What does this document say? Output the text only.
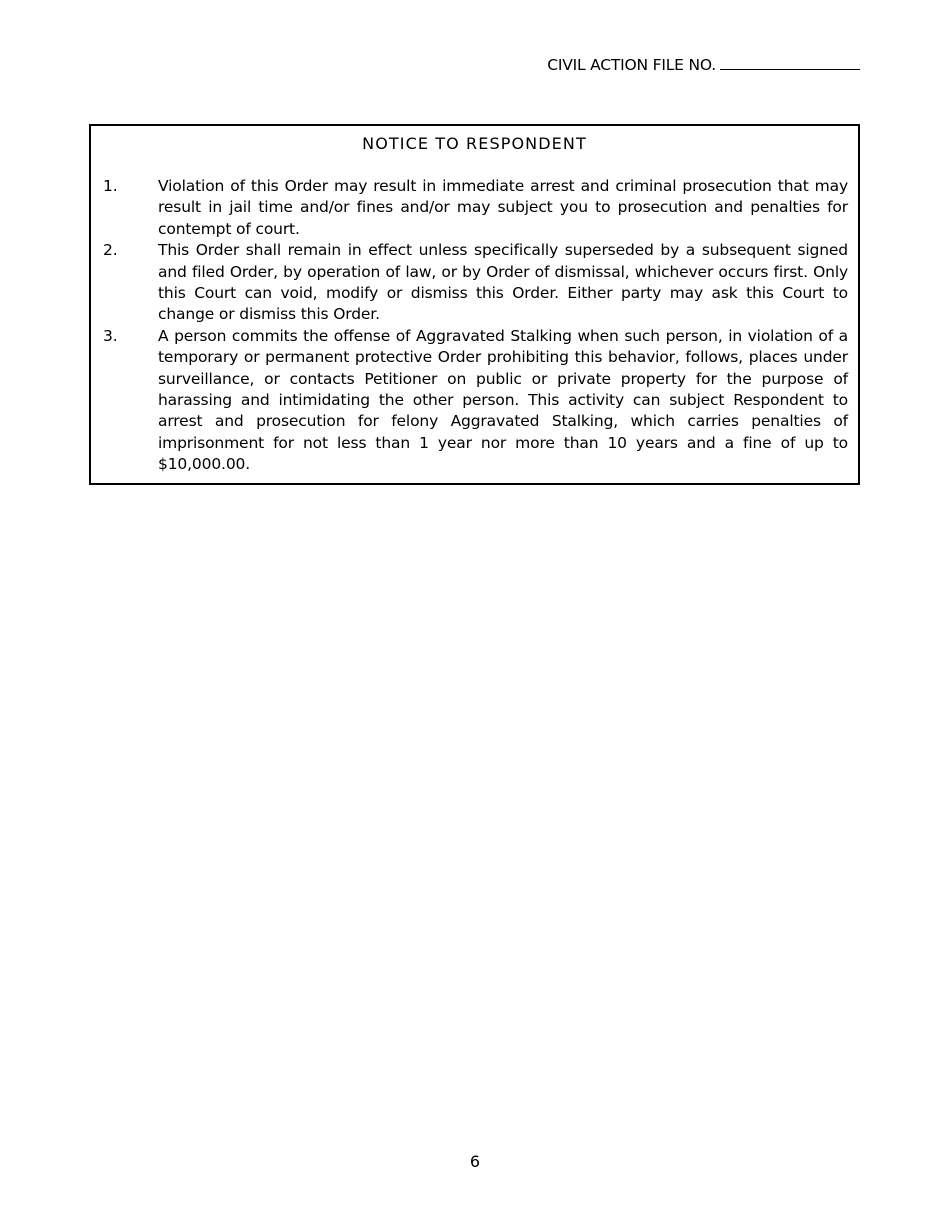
CIVIL ACTION FILE NO.
NOTICE TO RESPONDENT
1.	Violation of this Order may result in immediate arrest and criminal prosecution that may result in jail time and/or fines and/or may subject you to prosecution and penalties for contempt of court.
2.	This Order shall remain in effect unless specifically superseded by a subsequent signed and filed Order, by operation of law, or by Order of dismissal, whichever occurs first. Only this Court can void, modify or dismiss this Order. Either party may ask this Court to change or dismiss this Order.
3.	A person commits the offense of Aggravated Stalking when such person, in violation of a temporary or permanent protective Order prohibiting this behavior, follows, places under surveillance, or contacts Petitioner on public or private property for the purpose of harassing and intimidating the other person. This activity can subject Respondent to arrest and prosecution for felony Aggravated Stalking, which carries penalties of imprisonment for not less than 1 year nor more than 10 years and a fine of up to $10,000.00.
6
